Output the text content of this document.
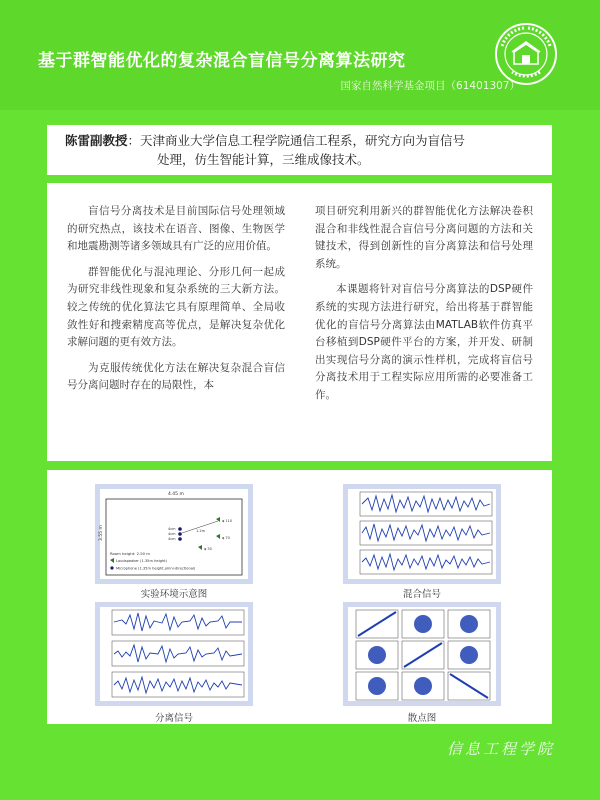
基于群智能优化的复杂混合盲信号分离算法研究
国家自然科学基金项目（61401307）
陈雷副教授：天津商业大学信息工程学院通信工程系，研究方向为盲信号
处理，仿生智能计算，三维成像技术。

盲信号分离技术是目前国际信号处理领域的研究热点，该技术在语音、图像、生物医学和地震勘测等诸多领域具有广泛的应用价值。

群智能优化与混沌理论、分形几何一起成为研究非线性现象和复杂系统的三大新方法。较之传统的优化算法它具有原理简单、全局收敛性好和搜索精度高等优点，是解决复杂优化求解问题的更有效方法。

为克服传统优化方法在解决复杂混合盲信号分离问题时存在的局限性，本

项目研究利用新兴的群智能优化方法解决卷积混合和非线性混合盲信号分离问题的方法和关键技术，得到创新性的盲分离算法和信号处理系统。

本课题将针对盲信号分离算法的DSP硬件系统的实现方法进行研究，给出将基于群智能优化的盲信号分离算法由MATLAB软件仿真平台移植到DSP硬件平台的方案，并开发、研制出实现信号分离的演示性样机，完成将盲信号分离技术用于工程实际应用所需的必要准备工作。

4.45 m
3.55 m	4cm
4cm
4cm
1.2m
φ 110
φ 70
φ 30
Room height: 2.50 m
Loudspeaker (1.35m height)
Microphone (1.35m height,omni-directional)
实验环境示意图	混合信号
分离信号	散点图
信息工程学院
